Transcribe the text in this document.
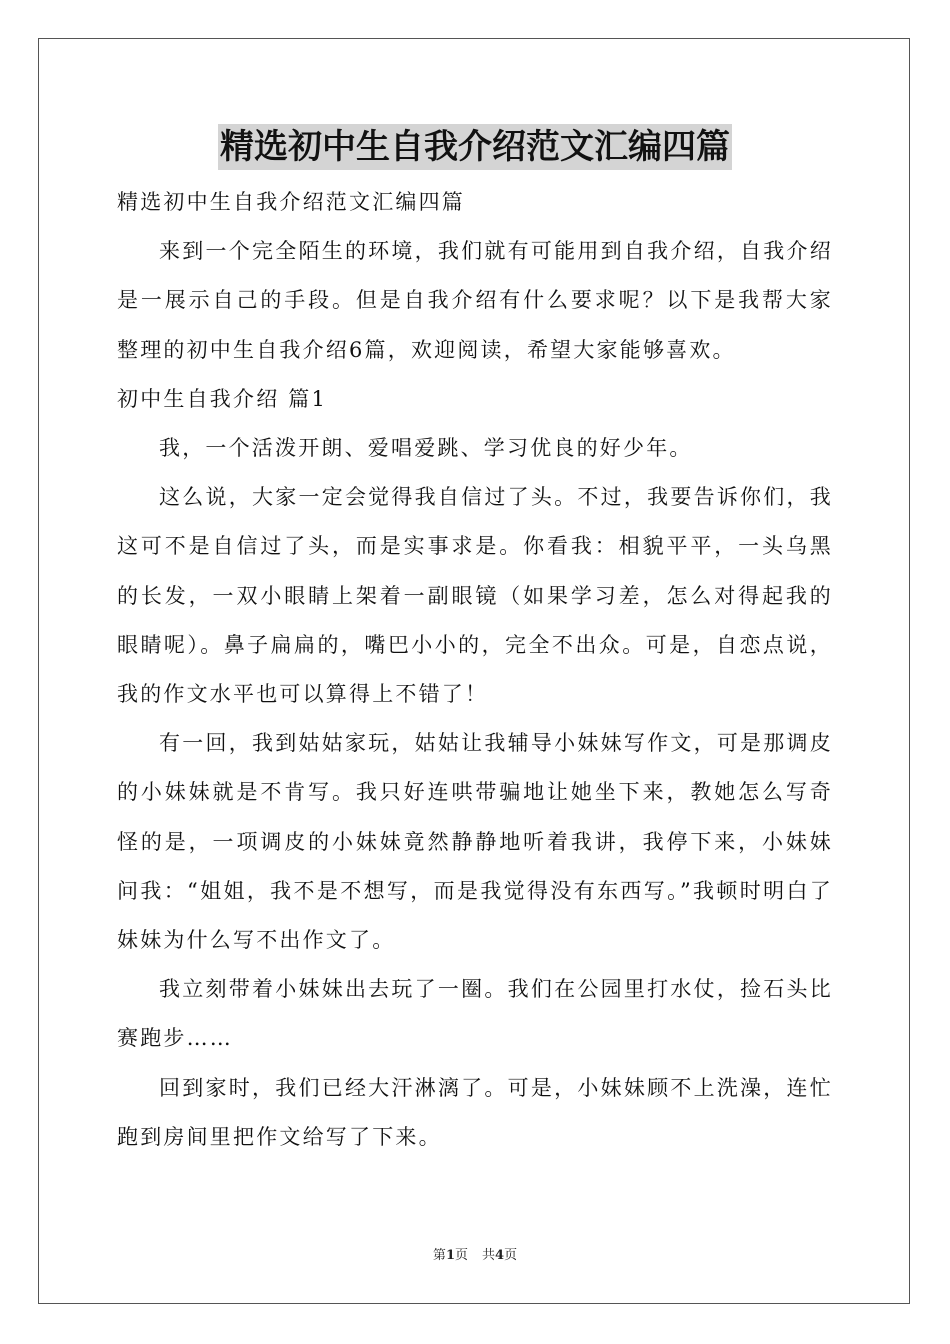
精选初中生自我介绍范文汇编四篇

精选初中生自我介绍范文汇编四篇

来到一个完全陌生的环境，我们就有可能用到自我介绍，自我介绍是一展示自己的手段。但是自我介绍有什么要求呢？以下是我帮大家整理的初中生自我介绍6篇，欢迎阅读，希望大家能够喜欢。

初中生自我介绍 篇1

我，一个活泼开朗、爱唱爱跳、学习优良的好少年。

这么说，大家一定会觉得我自信过了头。不过，我要告诉你们，我这可不是自信过了头，而是实事求是。你看我：相貌平平，一头乌黑的长发，一双小眼睛上架着一副眼镜（如果学习差，怎么对得起我的眼睛呢）。鼻子扁扁的，嘴巴小小的，完全不出众。可是，自恋点说，我的作文水平也可以算得上不错了！

有一回，我到姑姑家玩，姑姑让我辅导小妹妹写作文，可是那调皮的小妹妹就是不肯写。我只好连哄带骗地让她坐下来，教她怎么写奇怪的是，一项调皮的小妹妹竟然静静地听着我讲，我停下来，小妹妹问我：“姐姐，我不是不想写，而是我觉得没有东西写。”我顿时明白了妹妹为什么写不出作文了。

我立刻带着小妹妹出去玩了一圈。我们在公园里打水仗，捡石头比赛跑步……

回到家时，我们已经大汗淋漓了。可是，小妹妹顾不上洗澡，连忙跑到房间里把作文给写了下来。

第1页 共4页
